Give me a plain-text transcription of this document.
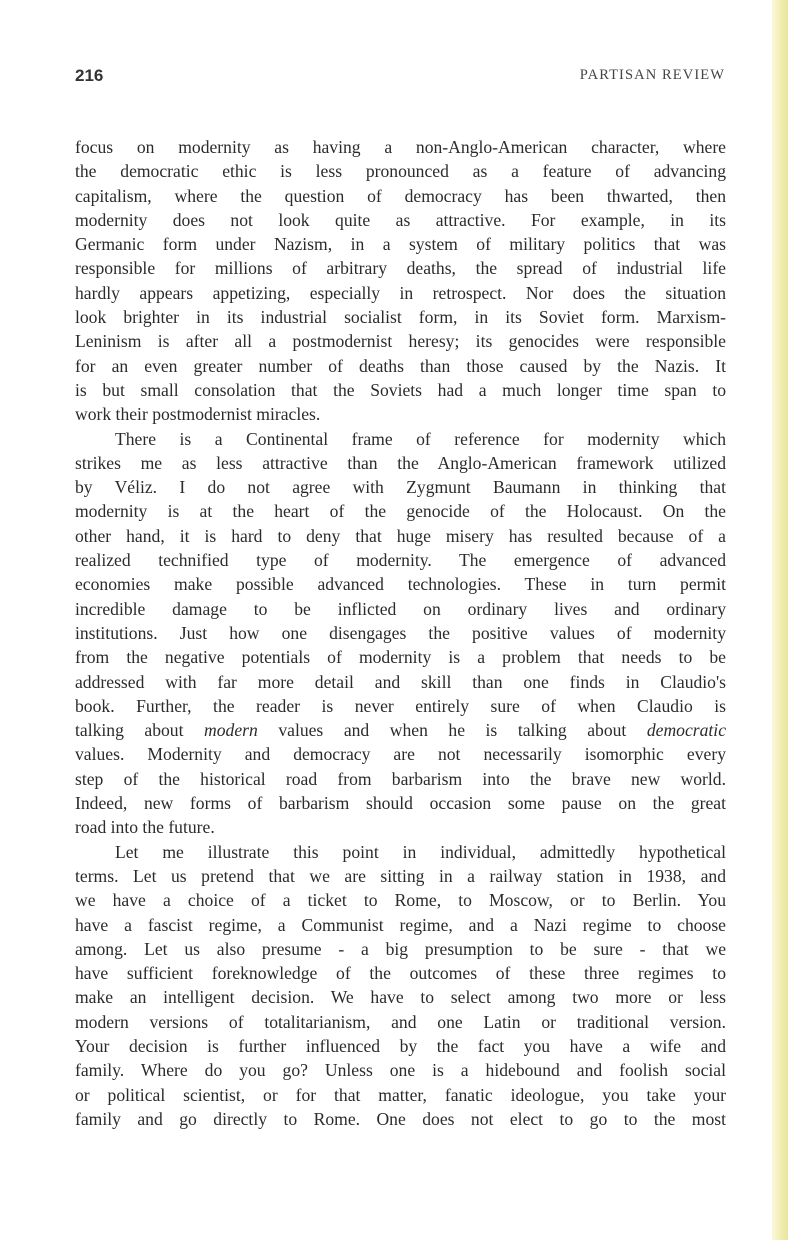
216	PARTISAN REVIEW
focus on modernity as having a non-Anglo-American character, where
the democratic ethic is less pronounced as a feature of advancing
capitalism, where the question of democracy has been thwarted, then
modernity does not look quite as attractive. For example, in its
Germanic form under Nazism, in a system of military politics that was
responsible for millions of arbitrary deaths, the spread of industrial life
hardly appears appetizing, especially in retrospect. Nor does the situation
look brighter in its industrial socialist form, in its Soviet form. Marxism-
Leninism is after all a postmodernist heresy; its genocides were responsible
for an even greater number of deaths than those caused by the Nazis. It
is but small consolation that the Soviets had a much longer time span to
work their postmodernist miracles.
There is a Continental frame of reference for modernity which
strikes me as less attractive than the Anglo-American framework utilized
by Véliz. I do not agree with Zygmunt Baumann in thinking that
modernity is at the heart of the genocide of the Holocaust. On the
other hand, it is hard to deny that huge misery has resulted because of a
realized technified type of modernity. The emergence of advanced
economies make possible advanced technologies. These in turn permit
incredible damage to be inflicted on ordinary lives and ordinary
institutions. Just how one disengages the positive values of modernity
from the negative potentials of modernity is a problem that needs to be
addressed with far more detail and skill than one finds in Claudio's
book. Further, the reader is never entirely sure of when Claudio is
talking about modern values and when he is talking about democratic
values. Modernity and democracy are not necessarily isomorphic every
step of the historical road from barbarism into the brave new world.
Indeed, new forms of barbarism should occasion some pause on the great
road into the future.
Let me illustrate this point in individual, admittedly hypothetical
terms. Let us pretend that we are sitting in a railway station in 1938, and
we have a choice of a ticket to Rome, to Moscow, or to Berlin. You
have a fascist regime, a Communist regime, and a Nazi regime to choose
among. Let us also presume - a big presumption to be sure - that we
have sufficient foreknowledge of the outcomes of these three regimes to
make an intelligent decision. We have to select among two more or less
modern versions of totalitarianism, and one Latin or traditional version.
Your decision is further influenced by the fact you have a wife and
family. Where do you go? Unless one is a hidebound and foolish social
or political scientist, or for that matter, fanatic ideologue, you take your
family and go directly to Rome. One does not elect to go to the most
